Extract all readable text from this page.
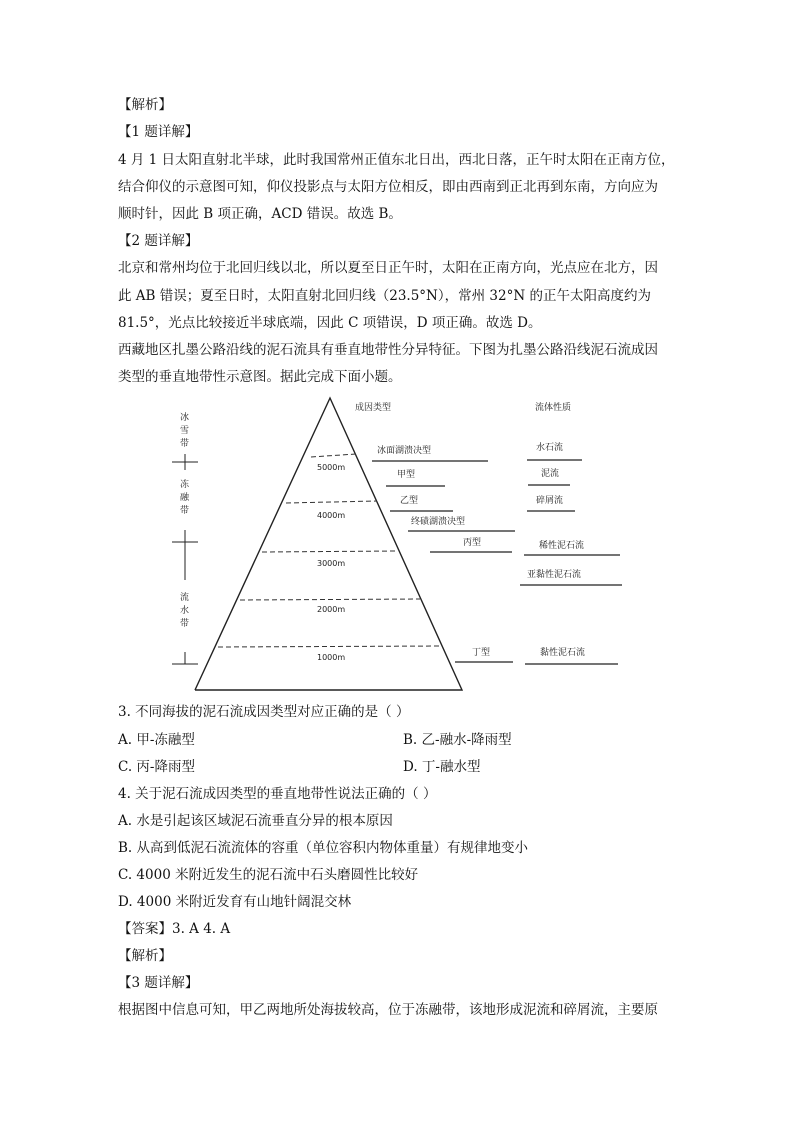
【解析】
【1 题详解】
4 月 1 日太阳直射北半球，此时我国常州正值东北日出，西北日落，正午时太阳在正南方位，
结合仰仪的示意图可知，仰仪投影点与太阳方位相反，即由西南到正北再到东南，方向应为
顺时针，因此 B 项正确，ACD 错误。故选 B。
【2 题详解】
北京和常州均位于北回归线以北，所以夏至日正午时，太阳在正南方向，光点应在北方，因
此 AB 错误；夏至日时，太阳直射北回归线（23.5°N），常州 32°N 的正午太阳高度约为
81.5°，光点比较接近半球底端，因此 C 项错误，D 项正确。故选 D。
西藏地区扎墨公路沿线的泥石流具有垂直地带性分异特征。下图为扎墨公路沿线泥石流成因
类型的垂直地带性示意图。据此完成下面小题。
5000m
4000m
3000m
2000m
1000m
冰雪带
冻融带
流水带
成因类型	流体性质
冰面湖溃决型
甲型
乙型
终碛湖溃决型
丙型
丁型
水石流
泥流
碎屑流
稀性泥石流
亚黏性泥石流
黏性泥石流
3. 不同海拔的泥石流成因类型对应正确的是（ ）
A. 甲-冻融型	B. 乙-融水-降雨型
C. 丙-降雨型	D. 丁-融水型
4. 关于泥石流成因类型的垂直地带性说法正确的（ ）
A. 水是引起该区域泥石流垂直分异的根本原因
B. 从高到低泥石流流体的容重（单位容积内物体重量）有规律地变小
C. 4000 米附近发生的泥石流中石头磨圆性比较好
D. 4000 米附近发育有山地针阔混交林
【答案】3. A 4. A
【解析】
【3 题详解】
根据图中信息可知，甲乙两地所处海拔较高，位于冻融带，该地形成泥流和碎屑流，主要原
